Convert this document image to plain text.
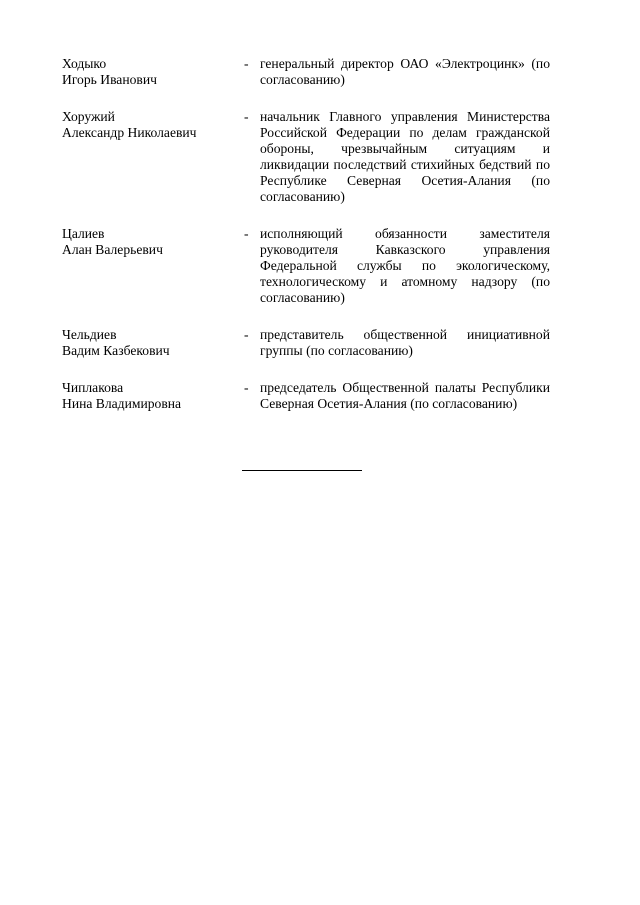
Ходыко
Игорь Иванович
- генеральный директор ОАО «Электроцинк» (по согласованию)
Хоружий
Александр Николаевич
- начальник Главного управления Министерства Российской Федерации по делам гражданской обороны, чрезвычайным ситуациям и ликвидации последствий стихийных бедствий по Республике Северная Осетия-Алания (по согласованию)
Цалиев
Алан Валерьевич
- исполняющий обязанности заместителя руководителя Кавказского управления Федеральной службы по экологическому, технологическому и атомному надзору (по согласованию)
Чельдиев
Вадим Казбекович
- представитель общественной инициативной группы (по согласованию)
Чиплакова
Нина Владимировна
- председатель Общественной палаты Республики Северная Осетия-Алания (по согласованию)
